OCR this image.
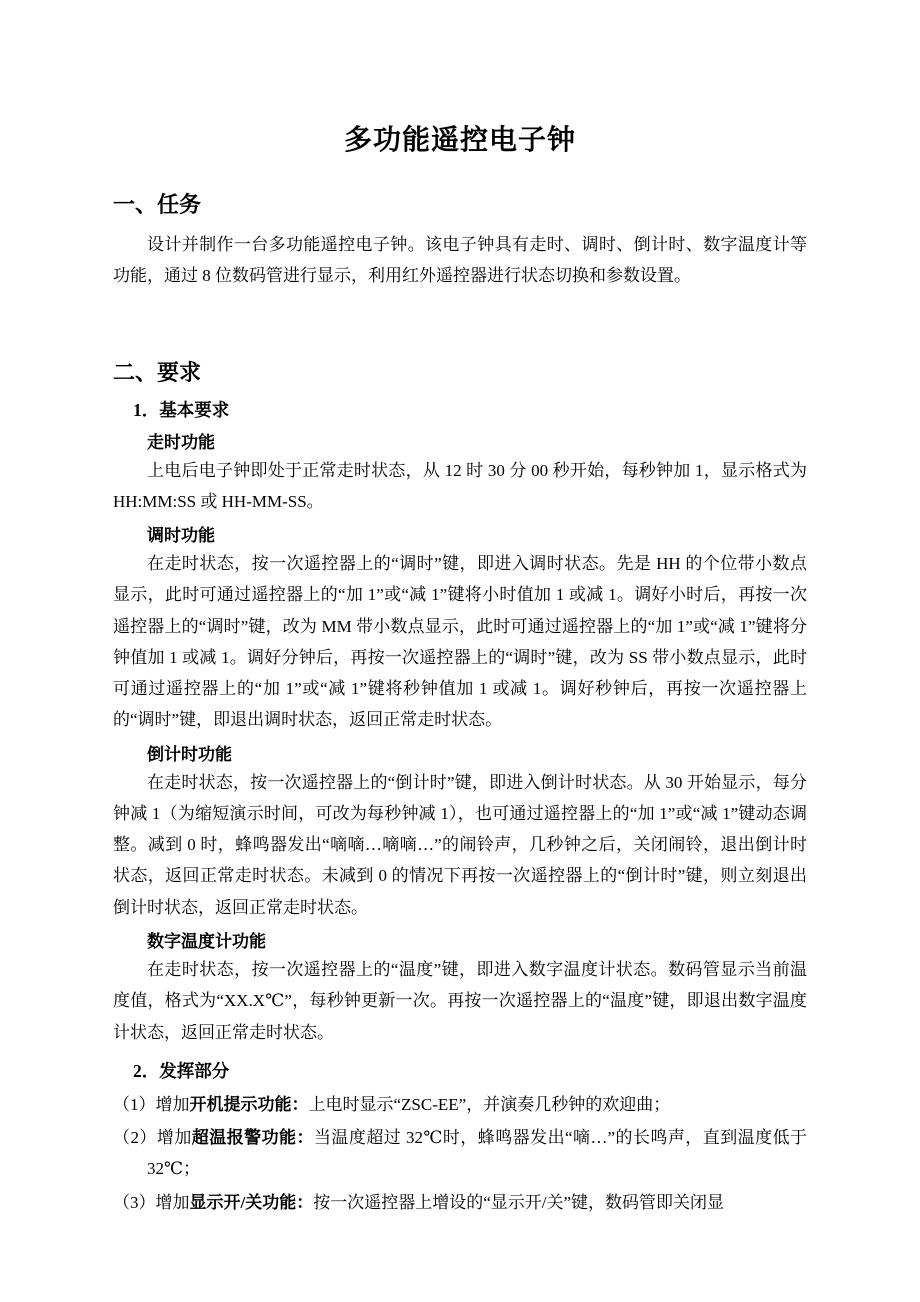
多功能遥控电子钟
一、任务

设计并制作一台多功能遥控电子钟。该电子钟具有走时、调时、倒计时、数字温度计等功能，通过 8 位数码管进行显示，利用红外遥控器进行状态切换和参数设置。

二、要求
1．基本要求
走时功能

上电后电子钟即处于正常走时状态，从 12 时 30 分 00 秒开始，每秒钟加 1，显示格式为 HH:MM:SS 或 HH-MM-SS。

调时功能

在走时状态，按一次遥控器上的“调时”键，即进入调时状态。先是 HH 的个位带小数点显示，此时可通过遥控器上的“加 1”或“减 1”键将小时值加 1 或减 1。调好小时后，再按一次遥控器上的“调时”键，改为 MM 带小数点显示，此时可通过遥控器上的“加 1”或“减 1”键将分钟值加 1 或减 1。调好分钟后，再按一次遥控器上的“调时”键，改为 SS 带小数点显示，此时可通过遥控器上的“加 1”或“减 1”键将秒钟值加 1 或减 1。调好秒钟后，再按一次遥控器上的“调时”键，即退出调时状态，返回正常走时状态。

倒计时功能

在走时状态，按一次遥控器上的“倒计时”键，即进入倒计时状态。从 30 开始显示，每分钟减 1（为缩短演示时间，可改为每秒钟减 1），也可通过遥控器上的“加 1”或“减 1”键动态调整。减到 0 时，蜂鸣器发出“嘀嘀…嘀嘀…”的闹铃声，几秒钟之后，关闭闹铃，退出倒计时状态，返回正常走时状态。未减到 0 的情况下再按一次遥控器上的“倒计时”键，则立刻退出倒计时状态，返回正常走时状态。

数字温度计功能

在走时状态，按一次遥控器上的“温度”键，即进入数字温度计状态。数码管显示当前温度值，格式为“XX.X℃”，每秒钟更新一次。再按一次遥控器上的“温度”键，即退出数字温度计状态，返回正常走时状态。

2．发挥部分

（1）增加开机提示功能：上电时显示“ZSC-EE”，并演奏几秒钟的欢迎曲；

（2）增加超温报警功能：当温度超过 32℃时，蜂鸣器发出“嘀…”的长鸣声，直到温度低于 32℃；

（3）增加显示开/关功能：按一次遥控器上增设的“显示开/关”键，数码管即关闭显
